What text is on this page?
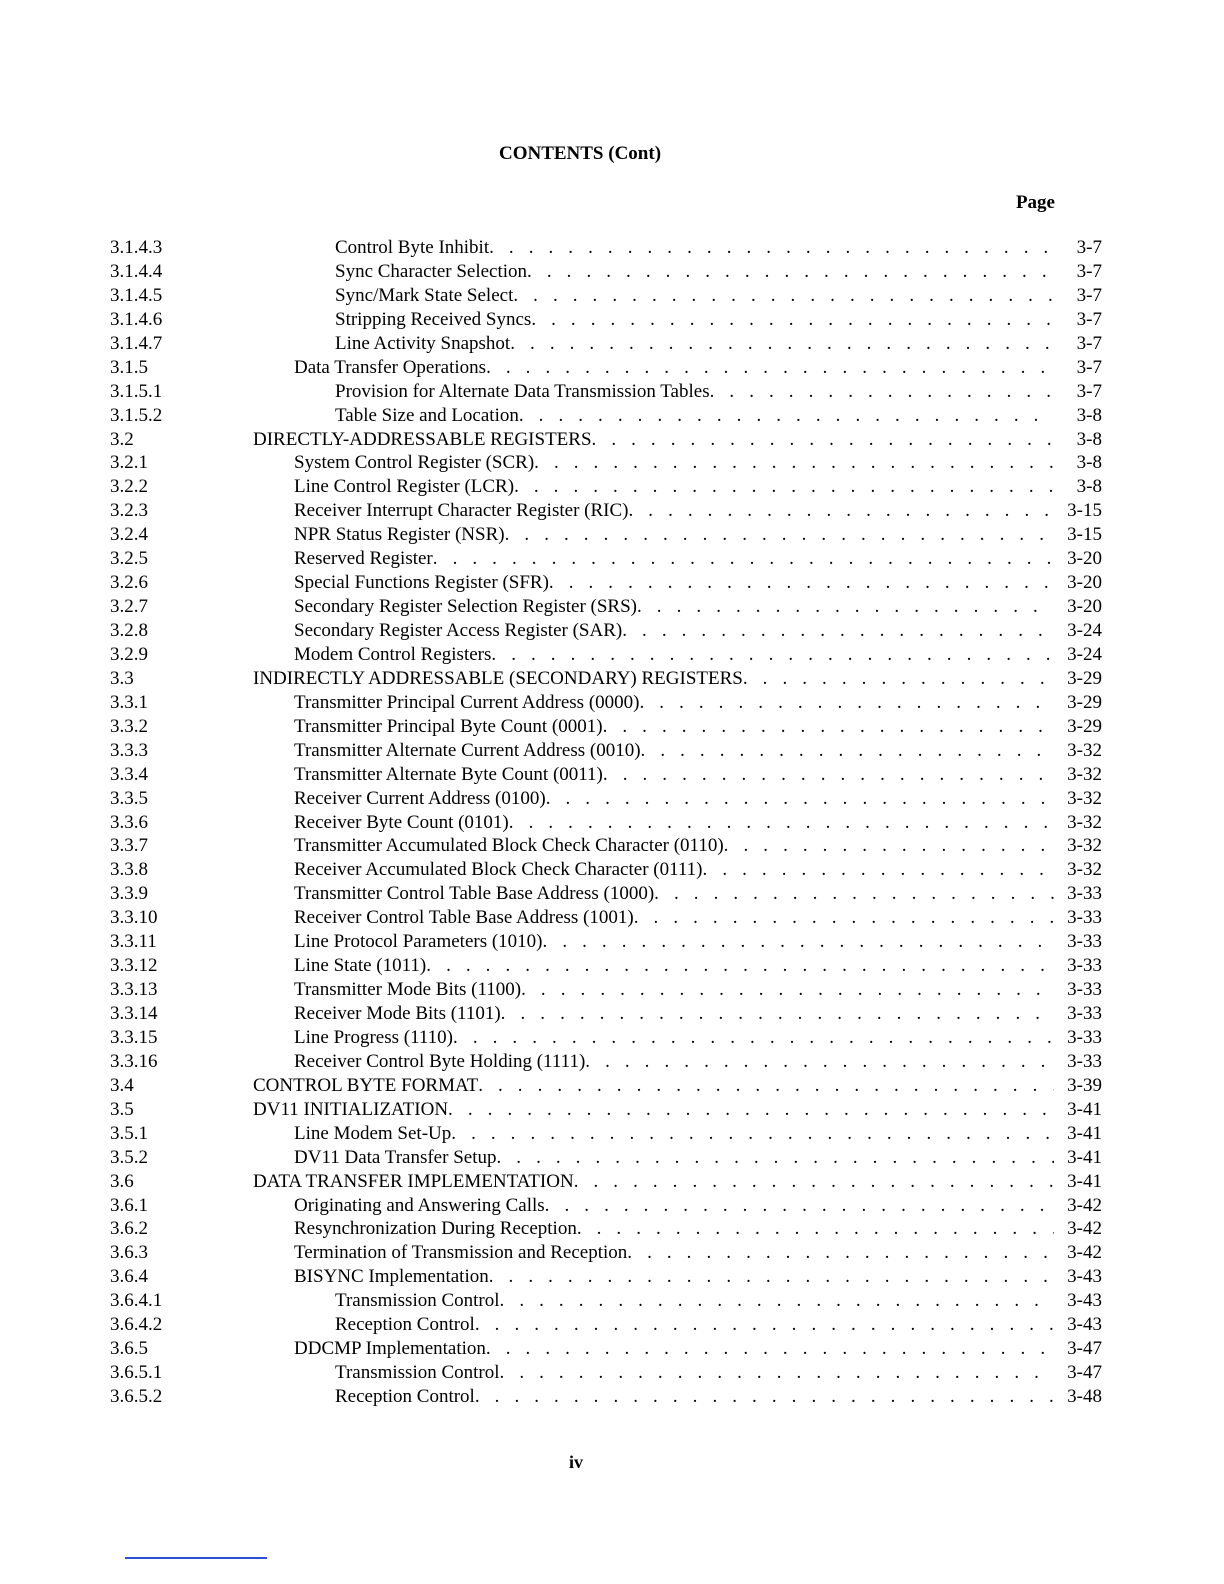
CONTENTS (Cont)
Page
3.1.4.3	Control Byte Inhibit . . .	3-7
3.1.4.4	Sync Character Selection . . .	3-7
3.1.4.5	Sync/Mark State Select . . .	3-7
3.1.4.6	Stripping Received Syncs . . .	3-7
3.1.4.7	Line Activity Snapshot . . .	3-7
3.1.5	Data Transfer Operations . . .	3-7
3.1.5.1	Provision for Alternate Data Transmission Tables . . .	3-7
3.1.5.2	Table Size and Location . . .	3-8
3.2	DIRECTLY-ADDRESSABLE REGISTERS . . .	3-8
3.2.1	System Control Register (SCR) . . .	3-8
3.2.2	Line Control Register (LCR) . . .	3-8
3.2.3	Receiver Interrupt Character Register (RIC) . . .	3-15
3.2.4	NPR Status Register (NSR) . . .	3-15
3.2.5	Reserved Register . . .	3-20
3.2.6	Special Functions Register (SFR) . . .	3-20
3.2.7	Secondary Register Selection Register (SRS) . . .	3-20
3.2.8	Secondary Register Access Register (SAR) . . .	3-24
3.2.9	Modem Control Registers . . .	3-24
3.3	INDIRECTLY ADDRESSABLE (SECONDARY) REGISTERS . . .	3-29
3.3.1	Transmitter Principal Current Address (0000) . . .	3-29
3.3.2	Transmitter Principal Byte Count (0001) . . .	3-29
3.3.3	Transmitter Alternate Current Address (0010) . . .	3-32
3.3.4	Transmitter Alternate Byte Count (0011) . . .	3-32
3.3.5	Receiver Current Address (0100) . . .	3-32
3.3.6	Receiver Byte Count (0101) . . .	3-32
3.3.7	Transmitter Accumulated Block Check Character (0110) . . .	3-32
3.3.8	Receiver Accumulated Block Check Character (0111) . . .	3-32
3.3.9	Transmitter Control Table Base Address (1000) . . .	3-33
3.3.10	Receiver Control Table Base Address (1001) . . .	3-33
3.3.11	Line Protocol Parameters (1010) . . .	3-33
3.3.12	Line State (1011) . . .	3-33
3.3.13	Transmitter Mode Bits (1100) . . .	3-33
3.3.14	Receiver Mode Bits (1101) . . .	3-33
3.3.15	Line Progress (1110) . . .	3-33
3.3.16	Receiver Control Byte Holding (1111) . . .	3-33
3.4	CONTROL BYTE FORMAT . . .	3-39
3.5	DV11 INITIALIZATION . . .	3-41
3.5.1	Line Modem Set-Up . . .	3-41
3.5.2	DV11 Data Transfer Setup . . .	3-41
3.6	DATA TRANSFER IMPLEMENTATION . . .	3-41
3.6.1	Originating and Answering Calls . . .	3-42
3.6.2	Resynchronization During Reception . . .	3-42
3.6.3	Termination of Transmission and Reception . . .	3-42
3.6.4	BISYNC Implementation . . .	3-43
3.6.4.1	Transmission Control . . .	3-43
3.6.4.2	Reception Control . . .	3-43
3.6.5	DDCMP Implementation . . .	3-47
3.6.5.1	Transmission Control . . .	3-47
3.6.5.2	Reception Control . . .	3-48
iv
